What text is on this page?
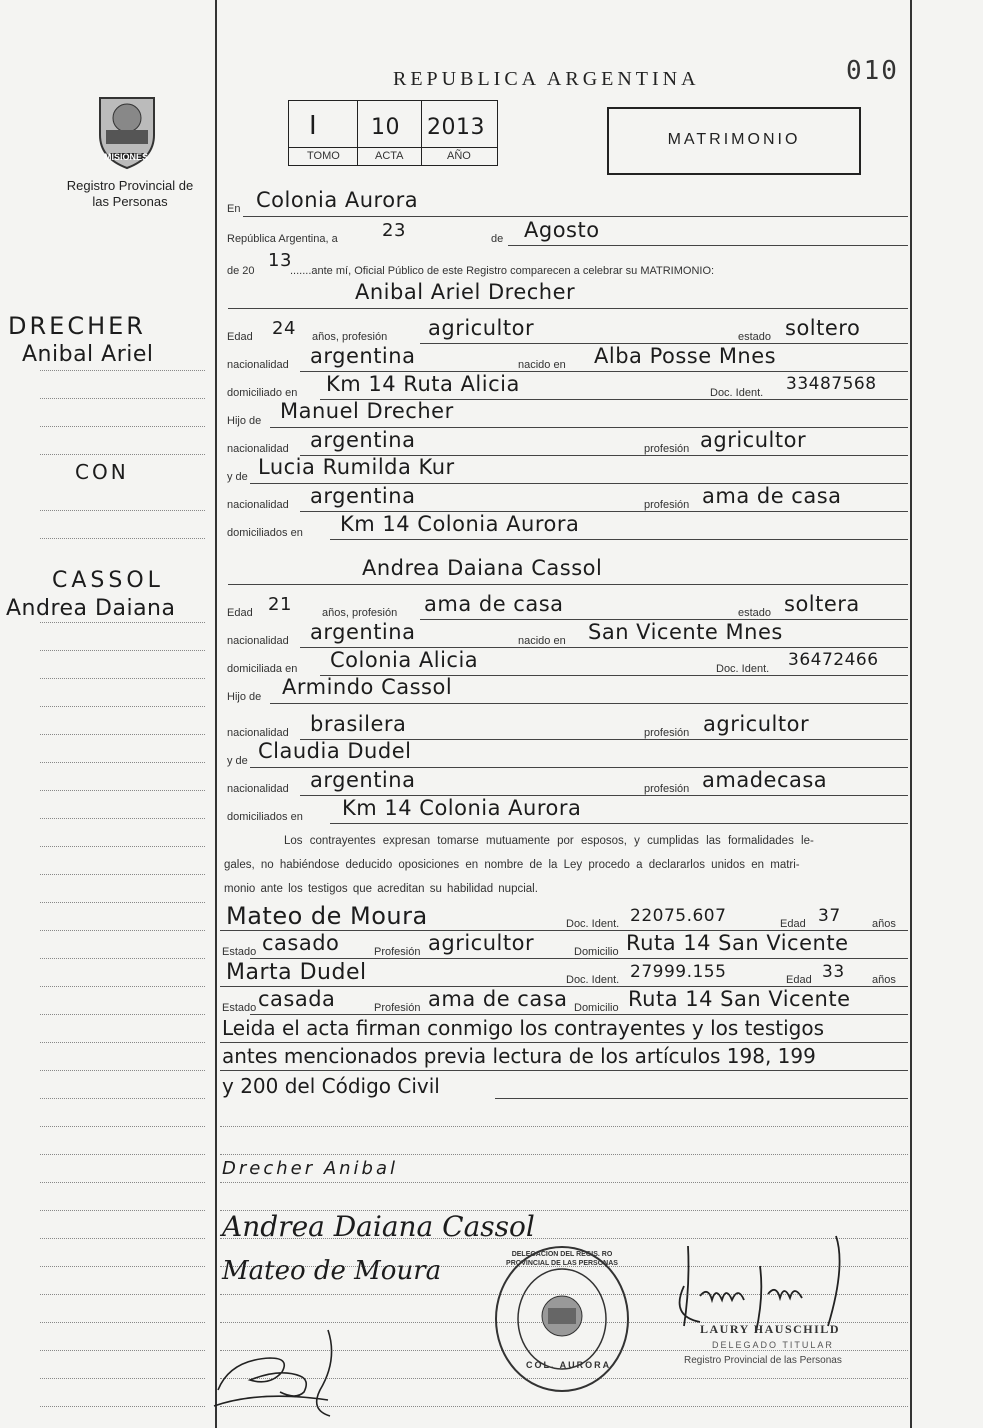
010
MISIONES
Registro Provincial de las Personas
REPUBLICA ARGENTINA
I 10 2013
TOMO	ACTA	AÑO
MATRIMONIO
DRECHER
Anibal Ariel
CON
CASSOL
Andrea Daiana
En Colonia Aurora
República Argentina, a 23	de Agosto
de 20 13
.......ante mí, Oficial Público de este Registro comparecen a celebrar su MATRIMONIO:
Anibal Ariel Drecher
Edad 24 años, profesión agricultor	estado soltero
nacionalidad argentina	nacido en Alba Posse Mnes
domiciliado en Km 14 Ruta Alicia	Doc. Ident. 33487568
Hijo de Manuel Drecher
nacionalidad argentina	profesión agricultor
y de Lucia Rumilda Kur
nacionalidad argentina	profesión ama de casa
domiciliados en Km 14 Colonia Aurora
Andrea Daiana Cassol
Edad 21	años, profesión ama de casa	estado soltera
nacionalidad argentina	nacido en San Vicente Mnes
domiciliada en Colonia Alicia	Doc. Ident. 36472466
Hijo de Armindo Cassol
nacionalidad brasilera	profesión agricultor
y de Claudia Dudel
nacionalidad argentina	profesión amadecasa
domiciliados en Km 14 Colonia Aurora
Los contrayentes expresan tomarse mutuamente por esposos, y cumplidas las formalidades le-
gales, no habiéndose deducido oposiciones en nombre de la Ley procedo a declararlos unidos en matri-
monio ante los testigos que acreditan su habilidad nupcial.
Mateo de Moura	Doc. Ident. 22075.607	Edad 37	años
Estado casado	Profesión agricultor	Domicilio Ruta 14 San Vicente
Marta Dudel	Doc. Ident. 27999.155	Edad 33 años
Estado casada	Profesión ama de casa Domicilio Ruta 14 San Vicente
Leida el acta firman conmigo los contrayentes y los testigos
antes mencionados previa lectura de los artículos 198, 199
y 200 del Código Civil
Drecher Anibal
Andrea Daiana Cassol
Mateo de Moura
DELEGACION DEL REGIS. RO PROVINCIAL DE LAS PERSONAS
COL. AURORA
LAURY HAUSCHILD
DELEGADO TITULAR
Registro Provincial de las Personas
